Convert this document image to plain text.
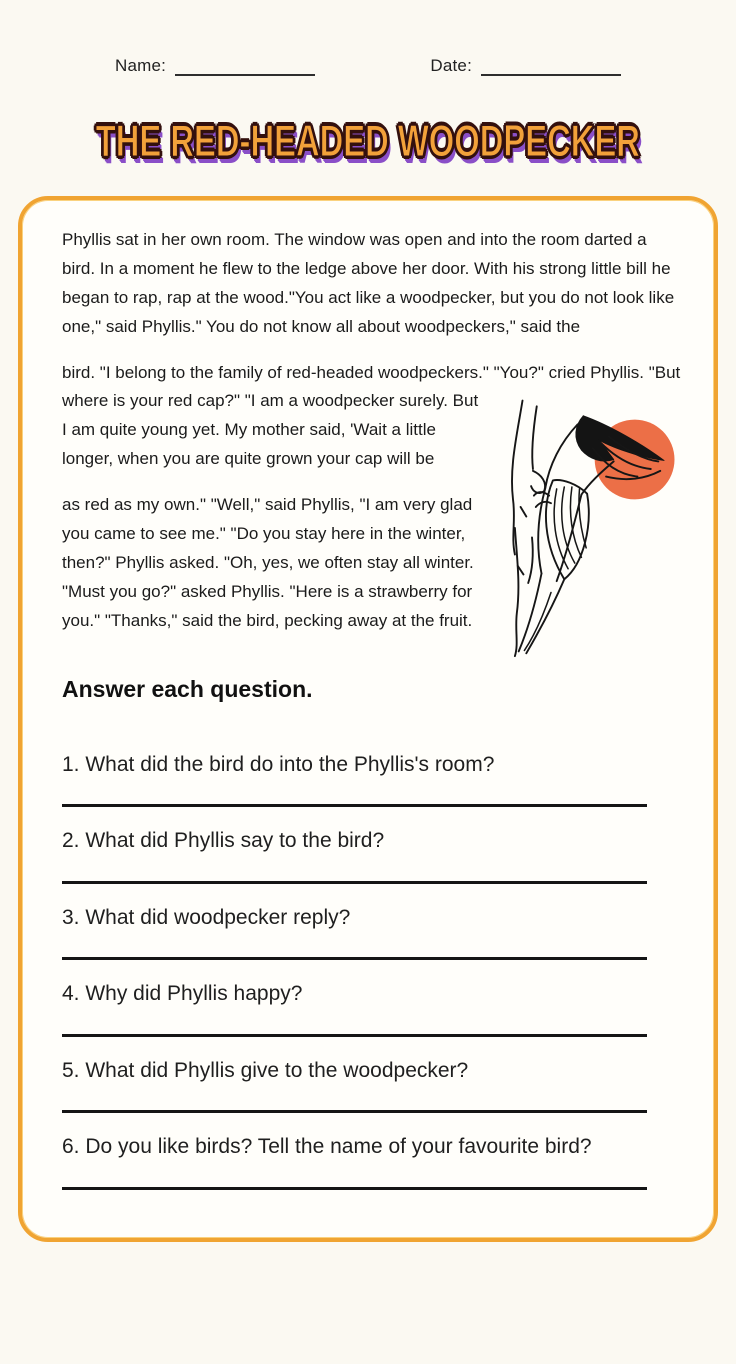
Name:	Date:
THE RED-HEADED WOODPECKER

Phyllis sat in her own room. The window was open and into the room darted a bird. In a moment he flew to the ledge above her door. With his strong little bill he began to rap, rap at the wood."You act like a woodpecker, but you do not look like one," said Phyllis." You do not know all about woodpeckers," said the

bird. "I belong to the family of red-headed woodpeckers." "You?" cried Phyllis. "But where is your red cap?" "I am a woodpecker surely. But I am quite young yet. My mother said, 'Wait a little longer, when you are quite grown your cap will be

as red as my own." "Well," said Phyllis, "I am very glad you came to see me." "Do you stay here in the winter, then?" Phyllis asked. "Oh, yes, we often stay all winter. "Must you go?" asked Phyllis. "Here is a strawberry for you." "Thanks," said the bird, pecking away at the fruit.

Answer each question.

1. What did the bird do into the Phyllis's room?

2. What did Phyllis say to the bird?

3. What did woodpecker reply?

4. Why did Phyllis happy?

5. What did Phyllis give to the woodpecker?

6. Do you like birds? Tell the name of your favourite bird?
